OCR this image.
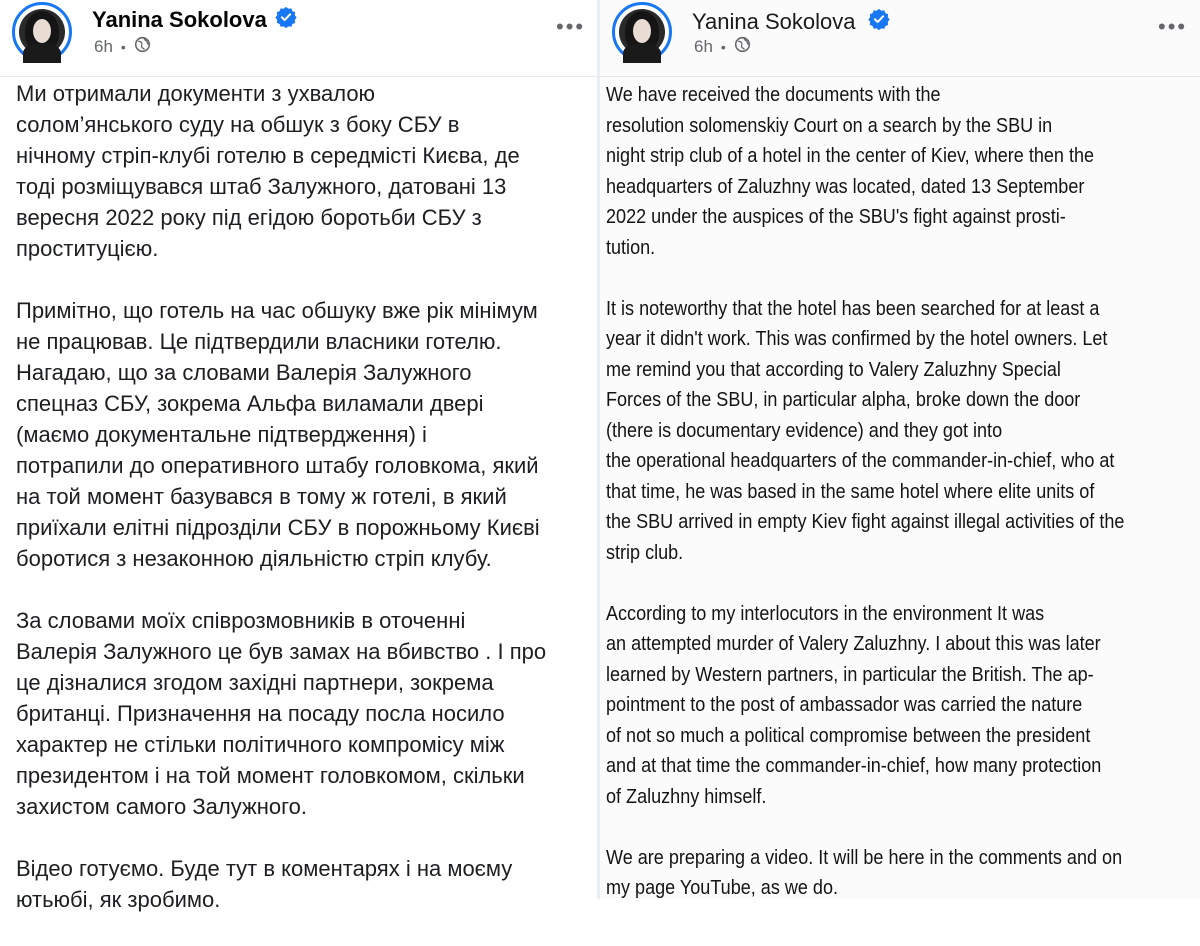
Yanina Sokolova
6h •
•••

Ми отримали документи з ухвалою
солом’янського суду на обшук з боку СБУ в
нічному стріп-клубі готелю в середмісті Києва, де
тоді розміщувався штаб Залужного, датовані 13
вересня 2022 року під егідою боротьби СБУ з
проституцією.

Примітно, що готель на час обшуку вже рік мінімум
не працював. Це підтвердили власники готелю.
Нагадаю, що за словами Валерія Залужного
спецназ СБУ, зокрема Альфа виламали двері
(маємо документальне підтвердження) і
потрапили до оперативного штабу головкома, який
на той момент базувався в тому ж готелі, в який
приїхали елітні підрозділи СБУ в порожньому Києві
боротися з незаконною діяльністю стріп клубу.

За словами моїх співрозмовників в оточенні
Валерія Залужного це був замах на вбивство . І про
це дізналися згодом західні партнери, зокрема
британці. Призначення на посаду посла носило
характер не стільки політичного компромісу між
президентом і на той момент головкомом, скільки
захистом самого Залужного.

Відео готуємо. Буде тут в коментарях і на моєму
ютьюбі, як зробимо.

Yanina Sokolova
6h •
•••

We have received the documents with the
resolution solomenskiy Court on a search by the SBU in
night strip club of a hotel in the center of Kiev, where then the
headquarters of Zaluzhny was located, dated 13 September
2022 under the auspices of the SBU's fight against prosti-
tution.

It is noteworthy that the hotel has been searched for at least a
year it didn't work. This was confirmed by the hotel owners. Let
me remind you that according to Valery Zaluzhny Special
Forces of the SBU, in particular alpha, broke down the door
(there is documentary evidence) and they got into
the operational headquarters of the commander-in-chief, who at
that time, he was based in the same hotel where elite units of
the SBU arrived in empty Kiev fight against illegal activities of the
strip club.

According to my interlocutors in the environment It was
an attempted murder of Valery Zaluzhny. I about this was later
learned by Western partners, in particular the British. The ap-
pointment to the post of ambassador was carried the nature
of not so much a political compromise between the president
and at that time the commander-in-chief, how many protection
of Zaluzhny himself.

We are preparing a video. It will be here in the comments and on
my page YouTube, as we do.
